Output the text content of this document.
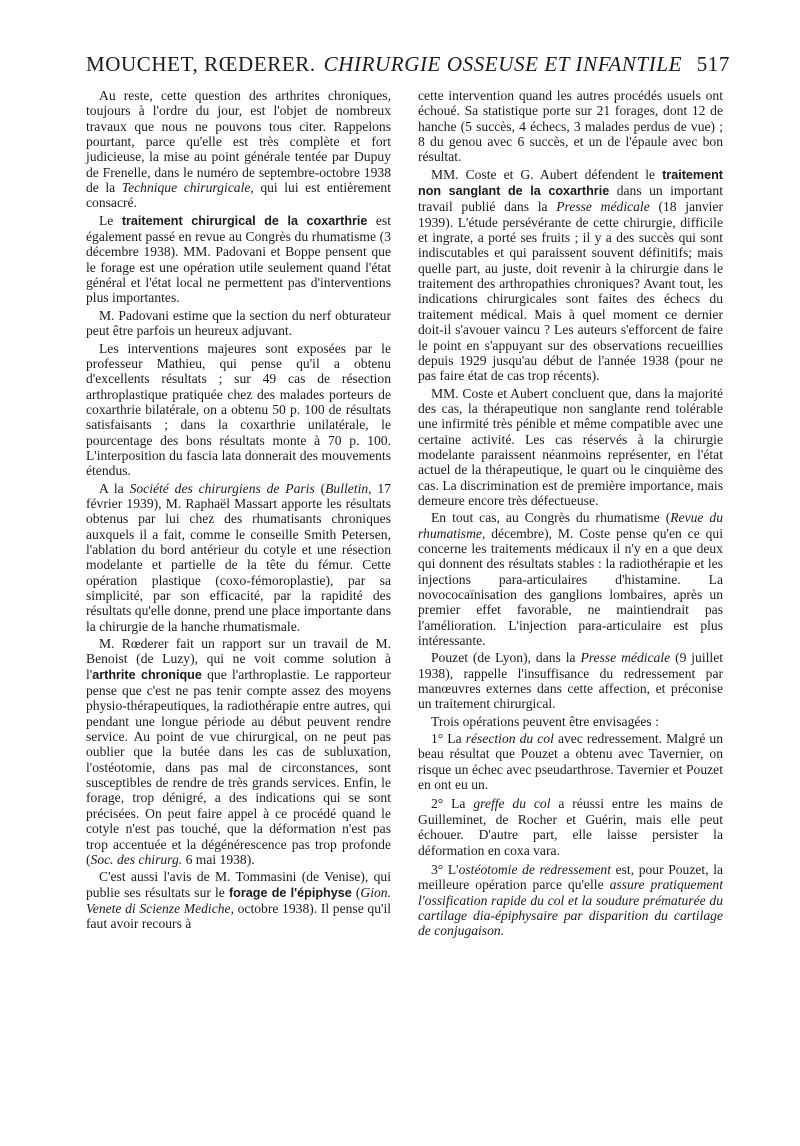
MOUCHET, RŒDERER. CHIRURGIE OSSEUSE ET INFANTILE 517

Au reste, cette question des arthrites chroniques, toujours à l'ordre du jour, est l'objet de nombreux travaux que nous ne pouvons tous citer. Rappelons pourtant, parce qu'elle est très complète et fort judicieuse, la mise au point générale tentée par Dupuy de Frenelle, dans le numéro de septembre-octobre 1938 de la Technique chirurgicale, qui lui est entièrement consacré.

Le traitement chirurgical de la coxarthrie est également passé en revue au Congrès du rhumatisme (3 décembre 1938). MM. Padovani et Boppe pensent que le forage est une opération utile seulement quand l'état général et l'état local ne permettent pas d'interventions plus importantes.

M. Padovani estime que la section du nerf obturateur peut être parfois un heureux adjuvant.

Les interventions majeures sont exposées par le professeur Mathieu, qui pense qu'il a obtenu d'excellents résultats ; sur 49 cas de résection arthroplastique pratiquée chez des malades porteurs de coxarthrie bilatérale, on a obtenu 50 p. 100 de résultats satisfaisants ; dans la coxarthrie unilatérale, le pourcentage des bons résultats monte à 70 p. 100. L'interposition du fascia lata donnerait des mouvements étendus.

A la Société des chirurgiens de Paris (Bulletin, 17 février 1939), M. Raphaël Massart apporte les résultats obtenus par lui chez des rhumatisants chroniques auxquels il a fait, comme le conseille Smith Petersen, l'ablation du bord antérieur du cotyle et une résection modelante et partielle de la tête du fémur. Cette opération plastique (coxo-fémoroplastie), par sa simplicité, par son efficacité, par la rapidité des résultats qu'elle donne, prend une place importante dans la chirurgie de la hanche rhumatismale.

M. Rœderer fait un rapport sur un travail de M. Benoist (de Luzy), qui ne voit comme solution à l'arthrite chronique que l'arthroplastie. Le rapporteur pense que c'est ne pas tenir compte assez des moyens physio-thérapeutiques, la radiothérapie entre autres, qui pendant une longue période au début peuvent rendre service. Au point de vue chirurgical, on ne peut pas oublier que la butée dans les cas de subluxation, l'ostéotomie, dans pas mal de circonstances, sont susceptibles de rendre de très grands services. Enfin, le forage, trop dénigré, a des indications qui se sont précisées. On peut faire appel à ce procédé quand le cotyle n'est pas touché, que la déformation n'est pas trop accentuée et la dégénérescence pas trop profonde (Soc. des chirurg. 6 mai 1938).

C'est aussi l'avis de M. Tommasini (de Venise), qui publie ses résultats sur le forage de l'épiphyse (Gion. Venete di Scienze Mediche, octobre 1938). Il pense qu'il faut avoir recours à

cette intervention quand les autres procédés usuels ont échoué. Sa statistique porte sur 21 forages, dont 12 de hanche (5 succès, 4 échecs, 3 malades perdus de vue) ; 8 du genou avec 6 succès, et un de l'épaule avec bon résultat.

MM. Coste et G. Aubert défendent le traitement non sanglant de la coxarthrie dans un important travail publié dans la Presse médicale (18 janvier 1939). L'étude persévérante de cette chirurgie, difficile et ingrate, a porté ses fruits ; il y a des succès qui sont indiscutables et qui paraissent souvent définitifs; mais quelle part, au juste, doit revenir à la chirurgie dans le traitement des arthropathies chroniques? Avant tout, les indications chirurgicales sont faites des échecs du traitement médical. Mais à quel moment ce dernier doit-il s'avouer vaincu ? Les auteurs s'efforcent de faire le point en s'appuyant sur des observations recueillies depuis 1929 jusqu'au début de l'année 1938 (pour ne pas faire état de cas trop récents).

MM. Coste et Aubert concluent que, dans la majorité des cas, la thérapeutique non sanglante rend tolérable une infirmité très pénible et même compatible avec une certaine activité. Les cas réservés à la chirurgie modelante paraissent néanmoins représenter, en l'état actuel de la thérapeutique, le quart ou le cinquième des cas. La discrimination est de première importance, mais demeure encore très défectueuse.

En tout cas, au Congrès du rhumatisme (Revue du rhumatisme, décembre), M. Coste pense qu'en ce qui concerne les traitements médicaux il n'y en a que deux qui donnent des résultats stables : la radiothérapie et les injections para-articulaires d'histamine. La novococaïnisation des ganglions lombaires, après un premier effet favorable, ne maintiendrait pas l'amélioration. L'injection para-articulaire est plus intéressante.

Pouzet (de Lyon), dans la Presse médicale (9 juillet 1938), rappelle l'insuffisance du redressement par manœuvres externes dans cette affection, et préconise un traitement chirurgical.

Trois opérations peuvent être envisagées :

1° La résection du col avec redressement. Malgré un beau résultat que Pouzet a obtenu avec Tavernier, on risque un échec avec pseudarthrose. Tavernier et Pouzet en ont eu un.

2° La greffe du col a réussi entre les mains de Guilleminet, de Rocher et Guérin, mais elle peut échouer. D'autre part, elle laisse persister la déformation en coxa vara.

3° L'ostéotomie de redressement est, pour Pouzet, la meilleure opération parce qu'elle assure pratiquement l'ossification rapide du col et la soudure prématurée du cartilage dia-épiphysaire par disparition du cartilage de conjugaison.
